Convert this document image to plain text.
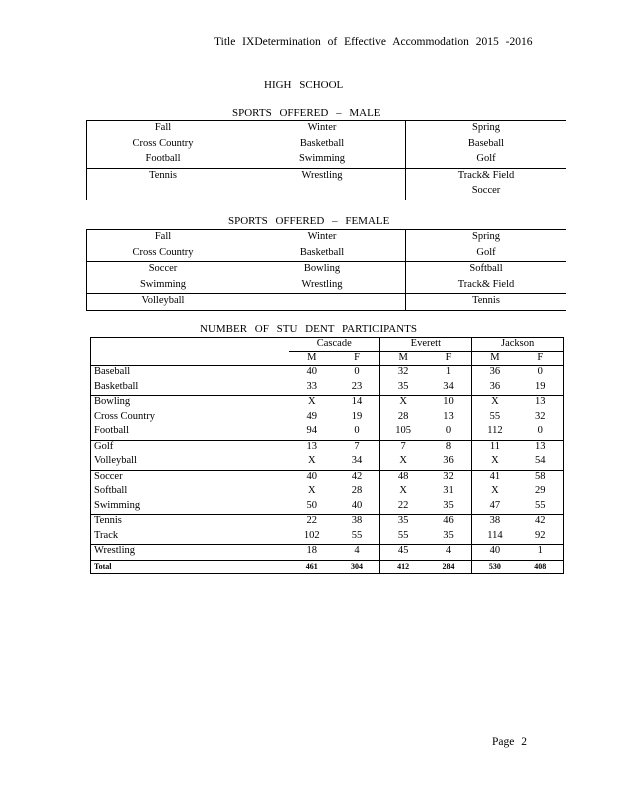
Title IXDetermination of Effective Accommodation 2015 -2016
HIGH SCHOOL
SPORTS OFFERED – MALE
Fall	Winter	Spring
Cross Country	Basketball	Baseball
Football	Swimming	Golf
Tennis	Wrestling	Track& Field
		Soccer
SPORTS OFFERED – FEMALE
Fall	Winter	Spring
Cross Country	Basketball	Golf
Soccer	Bowling	Softball
Swimming	Wrestling	Track& Field
Volleyball		Tennis
NUMBER OF STU DENT PARTICIPANTS
	Cascade		Everett		Jackson	
	M	F	M	F	M	F
Baseball	40	0	32	1	36	0
Basketball	33	23	35	34	36	19
Bowling	X	14	X	10	X	13
Cross Country	49	19	28	13	55	32
Football	94	0	105	0	112	0
Golf	13	7	7	8	11	13
Volleyball	X	34	X	36	X	54
Soccer	40	42	48	32	41	58
Softball	X	28	X	31	X	29
Swimming	50	40	22	35	47	55
Tennis	22	38	35	46	38	42
Track	102	55	55	35	114	92
Wrestling	18	4	45	4	40	1
Total	461	304	412	284	530	408
Page 2
